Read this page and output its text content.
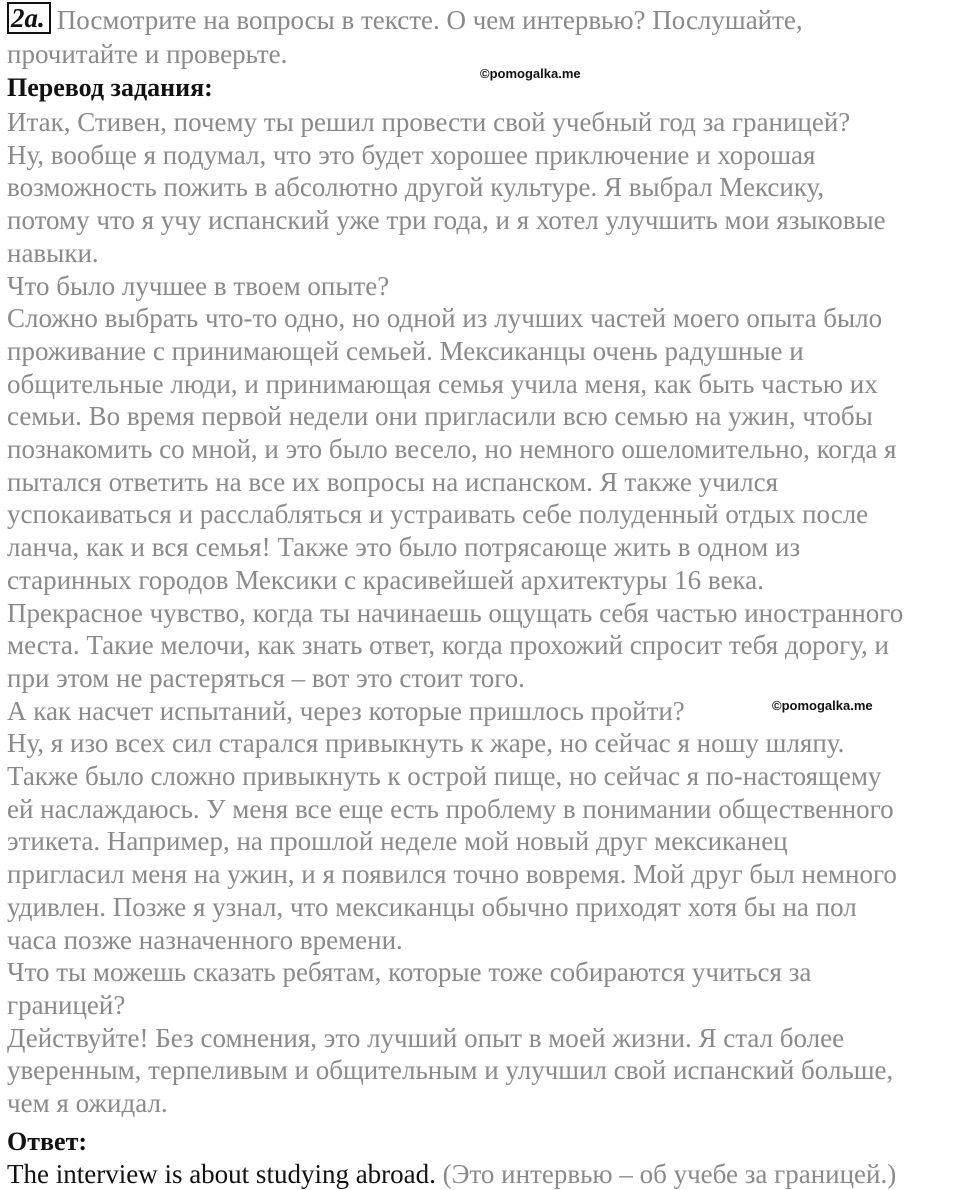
2a. Посмотрите на вопросы в тексте. О чем интервью? Послушайте,
прочитайте и проверьте.
Перевод задания:	©pomogalka.me
Итак, Стивен, почему ты решил провести свой учебный год за границей?
Ну, вообще я подумал, что это будет хорошее приключение и хорошая
возможность пожить в абсолютно другой культуре. Я выбрал Мексику,
потому что я учу испанский уже три года, и я хотел улучшить мои языковые
навыки.
Что было лучшее в твоем опыте?
Сложно выбрать что-то одно, но одной из лучших частей моего опыта было
проживание с принимающей семьей. Мексиканцы очень радушные и
общительные люди, и принимающая семья учила меня, как быть частью их
семьи. Во время первой недели они пригласили всю семью на ужин, чтобы
познакомить со мной, и это было весело, но немного ошеломительно, когда я
пытался ответить на все их вопросы на испанском. Я также учился
успокаиваться и расслабляться и устраивать себе полуденный отдых после
ланча, как и вся семья! Также это было потрясающе жить в одном из
старинных городов Мексики с красивейшей архитектуры 16 века.
Прекрасное чувство, когда ты начинаешь ощущать себя частью иностранного
места. Такие мелочи, как знать ответ, когда прохожий спросит тебя дорогу, и
при этом не растеряться – вот это стоит того.
А как насчет испытаний, через которые пришлось пройти?
Ну, я изо всех сил старался привыкнуть к жаре, но сейчас я ношу шляпу.
Также было сложно привыкнуть к острой пище, но сейчас я по-настоящему
ей наслаждаюсь. У меня все еще есть проблему в понимании общественного
этикета. Например, на прошлой неделе мой новый друг мексиканец
пригласил меня на ужин, и я появился точно вовремя. Мой друг был немного
удивлен. Позже я узнал, что мексиканцы обычно приходят хотя бы на пол
часа позже назначенного времени.
Что ты можешь сказать ребятам, которые тоже собираются учиться за
границей?
Действуйте! Без сомнения, это лучший опыт в моей жизни. Я стал более
уверенным, терпеливым и общительным и улучшил свой испанский больше,
чем я ожидал.
©pomogalka.me
Ответ:
The interview is about studying abroad. (Это интервью – об учебе за границей.)
